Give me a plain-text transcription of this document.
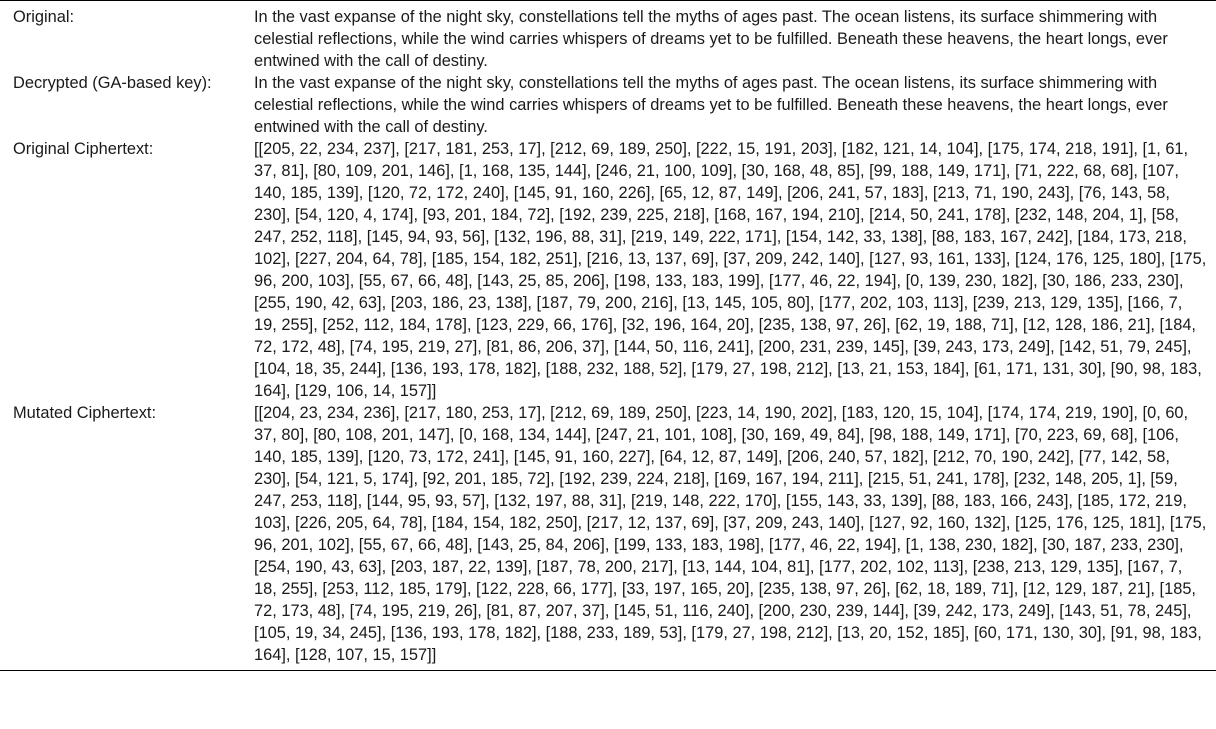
Original:	In the vast expanse of the night sky, constellations tell the myths of ages past. The ocean listens, its surface shimmering with celestial reflections, while the wind carries whispers of dreams yet to be fulfilled. Beneath these heavens, the heart longs, ever entwined with the call of destiny.
Decrypted (GA-based key):	In the vast expanse of the night sky, constellations tell the myths of ages past. The ocean listens, its surface shimmering with celestial reflections, while the wind carries whispers of dreams yet to be fulfilled. Beneath these heavens, the heart longs, ever entwined with the call of destiny.
Original Ciphertext:	[[205, 22, 234, 237], [217, 181, 253, 17], [212, 69, 189, 250], [222, 15, 191, 203], [182, 121, 14, 104], [175, 174, 218, 191], [1, 61, 37, 81], [80, 109, 201, 146], [1, 168, 135, 144], [246, 21, 100, 109], [30, 168, 48, 85], [99, 188, 149, 171], [71, 222, 68, 68], [107, 140, 185, 139], [120, 72, 172, 240], [145, 91, 160, 226], [65, 12, 87, 149], [206, 241, 57, 183], [213, 71, 190, 243], [76, 143, 58, 230], [54, 120, 4, 174], [93, 201, 184, 72], [192, 239, 225, 218], [168, 167, 194, 210], [214, 50, 241, 178], [232, 148, 204, 1], [58, 247, 252, 118], [145, 94, 93, 56], [132, 196, 88, 31], [219, 149, 222, 171], [154, 142, 33, 138], [88, 183, 167, 242], [184, 173, 218, 102], [227, 204, 64, 78], [185, 154, 182, 251], [216, 13, 137, 69], [37, 209, 242, 140], [127, 93, 161, 133], [124, 176, 125, 180], [175, 96, 200, 103], [55, 67, 66, 48], [143, 25, 85, 206], [198, 133, 183, 199], [177, 46, 22, 194], [0, 139, 230, 182], [30, 186, 233, 230], [255, 190, 42, 63], [203, 186, 23, 138], [187, 79, 200, 216], [13, 145, 105, 80], [177, 202, 103, 113], [239, 213, 129, 135], [166, 7, 19, 255], [252, 112, 184, 178], [123, 229, 66, 176], [32, 196, 164, 20], [235, 138, 97, 26], [62, 19, 188, 71], [12, 128, 186, 21], [184, 72, 172, 48], [74, 195, 219, 27], [81, 86, 206, 37], [144, 50, 116, 241], [200, 231, 239, 145], [39, 243, 173, 249], [142, 51, 79, 245], [104, 18, 35, 244], [136, 193, 178, 182], [188, 232, 188, 52], [179, 27, 198, 212], [13, 21, 153, 184], [61, 171, 131, 30], [90, 98, 183, 164], [129, 106, 14, 157]]
Mutated Ciphertext:	[[204, 23, 234, 236], [217, 180, 253, 17], [212, 69, 189, 250], [223, 14, 190, 202], [183, 120, 15, 104], [174, 174, 219, 190], [0, 60, 37, 80], [80, 108, 201, 147], [0, 168, 134, 144], [247, 21, 101, 108], [30, 169, 49, 84], [98, 188, 149, 171], [70, 223, 69, 68], [106, 140, 185, 139], [120, 73, 172, 241], [145, 91, 160, 227], [64, 12, 87, 149], [206, 240, 57, 182], [212, 70, 190, 242], [77, 142, 58, 230], [54, 121, 5, 174], [92, 201, 185, 72], [192, 239, 224, 218], [169, 167, 194, 211], [215, 51, 241, 178], [232, 148, 205, 1], [59, 247, 253, 118], [144, 95, 93, 57], [132, 197, 88, 31], [219, 148, 222, 170], [155, 143, 33, 139], [88, 183, 166, 243], [185, 172, 219, 103], [226, 205, 64, 78], [184, 154, 182, 250], [217, 12, 137, 69], [37, 209, 243, 140], [127, 92, 160, 132], [125, 176, 125, 181], [175, 96, 201, 102], [55, 67, 66, 48], [143, 25, 84, 206], [199, 133, 183, 198], [177, 46, 22, 194], [1, 138, 230, 182], [30, 187, 233, 230], [254, 190, 43, 63], [203, 187, 22, 139], [187, 78, 200, 217], [13, 144, 104, 81], [177, 202, 102, 113], [238, 213, 129, 135], [167, 7, 18, 255], [253, 112, 185, 179], [122, 228, 66, 177], [33, 197, 165, 20], [235, 138, 97, 26], [62, 18, 189, 71], [12, 129, 187, 21], [185, 72, 173, 48], [74, 195, 219, 26], [81, 87, 207, 37], [145, 51, 116, 240], [200, 230, 239, 144], [39, 242, 173, 249], [143, 51, 78, 245], [105, 19, 34, 245], [136, 193, 178, 182], [188, 233, 189, 53], [179, 27, 198, 212], [13, 20, 152, 185], [60, 171, 130, 30], [91, 98, 183, 164], [128, 107, 15, 157]]
